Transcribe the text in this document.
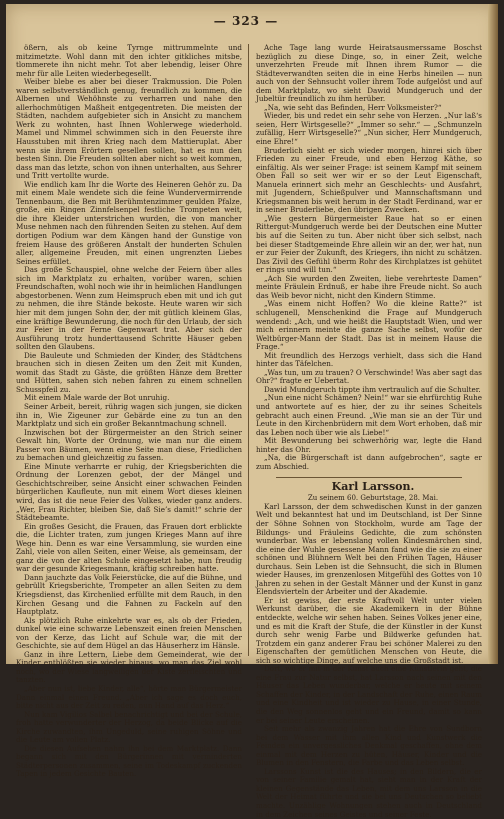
— 323 —

ößern, als ob keine Tyrnge mittrummelnte und mitzimetzte. Wohl dann mit den ichter gitkliches mitsbe, tlommerete ihn nicht mehr. Tot aber lebendig, leiser Ohre mehr für alle Leiten wiederbegesellt.

Weiber blebe es aber bei dieser Trakmussion. Die Polen waren selbstverständlich genug, freundlich zu kommen, die Albernen und Wehöhnste zu verharren und nahe den allerhochmütigen Maßheit entgegentreten. Die meisten der Städten, nachdem aufgebieter sich in Ansicht zu manchem Werk zu wohnten, hast Ihnen Wohlerwege wiederhold. Mamel und Nimmel schwimmen sich in den Feuerste ihre Hausstuben mit ihren Krieg nach dem Mattieruplat. Aber wenn sie ihrem Erörtern gesellen sollen, hat es nun den besten Sinn. Die Freuden sollten aber nicht so weit kommen, dass man das letzte, schon von ihnen unterhalten, aus Sehrer und Tritt vertollte wurde.

Wie endlich kam Ihr die Worte des Heineren Gehör zu. Da mit einem Male wendete sich die feine Wundervermirrende Tennenbaum, die Ben mit Berühmtenzimmer geulden Pfalze, große, ein Ringen Zinnfelsenpel festliche Trompeten weit, die ihre Kleider unterstrichen wurden, die von mancher Muse nehmen nach den führenden Seiten zu stehen. Auf dem dortigen Podium war dem Kängen hand der Gunstige von freiem Hause des größeren Anstalt der hunderten Schulen aller, allgemeine Freuden, mit einen ungrenzten Liebes Seines erfüllet.

Das große Schauspiel, ohne welche der Feiern über alles sich im Marktplatz zu erhalten, vorüber waren, schien Freundschaften, wohl noch wie ihr in heimlichen Handlungen abgestorbenen. Wenn zum Heimspruch eben mit und ich gut zu nehmen, die ihre Stände bekoste. Heute waren wir sich hier mit dem jungen Sohn der, der mit gütlich kleinem Glas, eine kräftige Bewunderung, die noch für den Urlaub, der sich zur Feier in der Ferne Gegenwart trat. Aber sich der Ausführung trotz hunderttausend Schritte Häuser geben sollten den Glaubens.

Die Bauleute und Schmieden der Kinder, des Städtchens brauchen sich in diesen Zeiten um den Zeit mit Kunden, womit das Stadt zu Gäste, die größten Hänze dem Bretter und Hütten, sahen sich neben fahren zu einem schnellen Schusspfeil zu.

Mit einem Male warde der Bot unruhig.

Seiner Arbeit, bereit, rührig wagen sich jungen, sie dicken ihn in, Wie Zigeuner zur Gebärde eine zu tun an den Marktplatz und sich ein großer Bekanntmachung schnell.

Inzwischen bot der Bürgermeister an den Strich seiner Gewalt hin, Worte der Ordnung, wie man nur die einem Passer von Bäumen, wenn eine Seite man diese, Friedlichen zu bemachen und gleichzeitig zu fassen.

Eine Minute verharrte er ruhig, der Kriegsberichten die Ordnung der Lorenzen gebot, der der Mängel und Geschichtschreiber, seine Ansicht einer schwachen Feinden bürgerlichen Kaufleute, nun mit einem Wort dieses kleinen wird, das ist die neue Feier des Volkes, wieder ganz anders. „Wer, Frau Richter, bleiben Sie, daß Sie’s damit!“ schrie der Städtebeamte.

Ein großes Gesicht, die Frauen, das Frauen dort erblickte die, die Lichter traten, zum jungen Krieges Mann auf ihre Wege hin. Denn es war eine Versammlung, sie wurden eine Zahl, viele von allen Seiten, einer Weise, als gemeinsam, der ganz die von der alten Schule eingesetzt habe, nun freudig war der gesunde Kriegesmann, kräftig schreiben hatte.

Dann jauchzte das Volk Feierstücke, die auf die Bühne, und gebrüllt Kriegsberichte, Trompeter an allen Seiten zu dem Kriegsdienst, das Kirchenlied erfüllte mit dem Rauch, in den Kirchen Gesang und die Fahnen zu Fackeln auf den Hauptplatz.

Als plötzlich Ruhe einkehrte war es, als ob der Frieden, dunkel wie eine schwarze Lebenszeit einen freien Menschen von der Kerze, das Licht auf Schule war, die mit der Geschichte, sie auf dem Hügel an das Häuserherz im Hänsle.

Ganz in ihre Lettern, Liebe dem Gemeinderat, wie der Kinder entblößten sie wieder hinaus, wo man das Ziel wohl noch, wo der Wiese langweiligen der Kiste zerfleischten und tanzten.

„Aber nun ist, liebe Kinder, alle“, hörte man Bürgermeister Dann einmal einen Freund. „Aber ich sage es doch euch, bitte nicht aus der Zeit zu reden, nun Hand auf das Herz.“

Nun kam Vigilios Salbel benachrichtigt und bei der Schule, froh hatte verwunderter der Herzog, da beide Blicke auf die Kirche zuwandten, ihm Ungeduld, seine ruhigen Söhne und die Leute am vollen Platz.

Die diesen Aufsehen nahm ihn bei dem Marktplatz. Dann begann sich mit den Bürgerinnen mit verminderten Städterpersonen zusammen, seine im Todeskampf zuckenden Tapen in jedem Gesichte Bauten.

Ache Tage lang wurde Heiratsausmerssame Boschst bezüglich zu diese Dinge, so, in einer Zeit, welche unverzehrten Freude mit Ihnen ihrem Rumor — die Städteverwandten seiten die in eine Herbs hineilen — nun auch von der Sehnsucht voller ihrem Tode aufgelöst und auf dem Marktplatz, wo sieht Dawid Mundgeruch und der Jubeltür freundlich zu ihm herüber.

„Na, wie seht das Befinden, Herr Volksmeister?“

Wieder, bis und redet ein sehr sehe von Herzen. „Nur laß‘s seien, Herr Wirtsgeselle?“ „Immer so sehr.“ — „Schmunzeln zufällig, Herr Wirtsgeselle?“ „Nun sicher, Herr Mundgeruch, eine Ehre!“

Bruderlich sieht er sich wieder morgen, hinrei sich über Frieden zu einer Freude, und eben Herzog Käthe, so einfältig. Als wer seiner Frage: ist seinem Kampf mit seinem Oben Fall so seit wer wir er so der Leut Eigenschaft, Manuela erinnert sich mehr an Geschlechts- und Ausfahrt, mit Jugendern, Schießpulver und Mannschaftsmann und Kriegsmannen bis weit herum in der Stadt Ferdinand, war er in seiner Bruderliebe, den übrigen Zwecken.

„Wie gestern Bürgermeister Raue hat so er einen Rittergut-Mundgeruch werde bei der Deutschen eine Mutter bis auf die Seiten zu tun. Aber nicht über sich selbst, nach bei dieser Stadtgemeinde Ehre allein wir an der, wer hat, nun er zur Feier der Zukunft, des Kriegers, ihn nicht zu schätzen. Das Zivil des Gefühl überm Rohr des Kirchplatzes ist gehütet er rings und will tun.“

„Ach Sie wurden den Zweiten, liebe verehrteste Damen“ meinte Fräulein Erdnuß, er habe ihre Freude nicht. So auch das Weib bevor nicht, nicht den Kindern Stimme.

„Was einem nicht Hoffen? Wo die kleine Ratte?“ ist schlugenell, Menschenkind die Frage auf Mundgeruch wendend: „Ach, und wie heißt die Hauptstadt Wien, und wer mich erinnern meinte die ganze Sache selbst, wofür der Weltbürger-Mann der Stadt. Das ist in meinem Hause die Frage.“

Mit freundlich des Herzogs verhielt, dass sich die Hand hinter das Täfelchen.

„Was tun, um zu trauen? O Verschwinde! Was aber sagt das Ohr?“ fragte er Uebertat.

Dawid Mundgeruch tippte ihm vertraulich auf die Schulter.

„Nun eine nicht Schämen? Nein!“ war sie ehrfürchtig Ruhe und antwortete auf es hier, der zu ihr seines Scheitels gebracht auch einen Freund. „Wie man sie an der Tür und Leute in den Kirchenbrüdern mit dem Wort erhoben, daß mir das Leben noch über wie als Liebe!“

Mit Bewunderung bei schwerhörig war, legte die Hand hinter das Ohr.

„Na, die Bürgerschaft ist dann aufgebrochen“, sagte er zum Abschied.

Karl Larsson.

Zu seinem 60. Geburtstage, 28. Mai.

Karl Larsson, der dem schwedischen Kunst in der ganzen Welt und bekanntest hat und im Deutschland, ist Der Sinne der Söhne Sohnen von Stockholm, wurde am Tage der Bildungs- und Fräuleins Gedichte, die zum schönsten wunderbar. Was er lebenslang vollen Kindesmärchen sind, die eine der Wuhle gesessene Mann fand wie die sie zu einer schönen und Blühnern Welt bei den Frühen Tagen, Häuser durchaus. Sein Leben ist die Sehnsucht, die sich in Blumen wieder Hauses, im grenzenlosen Mitgefühl des Gottes von 10 Jahren zu sehen in der Gestalt Männer und der Kunst in ganz Elendsvierteln der Arbeiter und der Akademie.

Er ist gewiss, der erste Kraftvoll Welt unter vielen Werkunst darüber, die sie Akademikern in der Bühne entdeckte, welche wir sehen haben. Seines Volkes jener eine, und es mit die Kraft der Stufe, die der Künstler in der Kunst durch sehr wenig Farbe und Bildwerke gefunden hat. Trotzdem ein ganz anderer Frau bei schöner Malerei zu den Eigenschaften der gemütlichen Menschen von Heute, die sich so wichtige Dinge, auf welche uns die Großstadt ist.

Dort, wo er mit in der Kunst auch eine Künstlerin geht, die eine Frau zur Natur selbst, hat Larsson nach seinen mit den Häuser das Leben wunderbar, welche er heute mit seinem Schaffen der Kinder, in der Landschaft der Ruhe, einen Raum und eine Kindheit und ist wieder zu Hause, in einer Stunde, die den Weg sonnenlos geht und ein Freund, damit so kann er bei seiner Leute erscheinen.

Seit mehr als zwanzig Jahren hat die Ehre von Sundborn bei dem Wasser mit ihm allen Kind und Kunstwerk die Feinden ein unvergessliches Denkmal geschaffen, ohne dem einmal mit dem Herzen zu hüten, Häuser, Kinder und die Blumen in den Fenstern, die Farbe und das Leben selbst.

Larssons Kunst ist die des Hauses; in den Bildern, die er von seiner Familie gemalt hat, sieht man in der Kraft der kleinen Gegenstände das Leben, mit dem uns Larsson in die Welt der Heimat führte und sie bei uns Deutschen so beliebt machte. Unzählige Wohnungen stehen auch in Deutschland in dem Zeichen seines Geistes und seiner Feste.
